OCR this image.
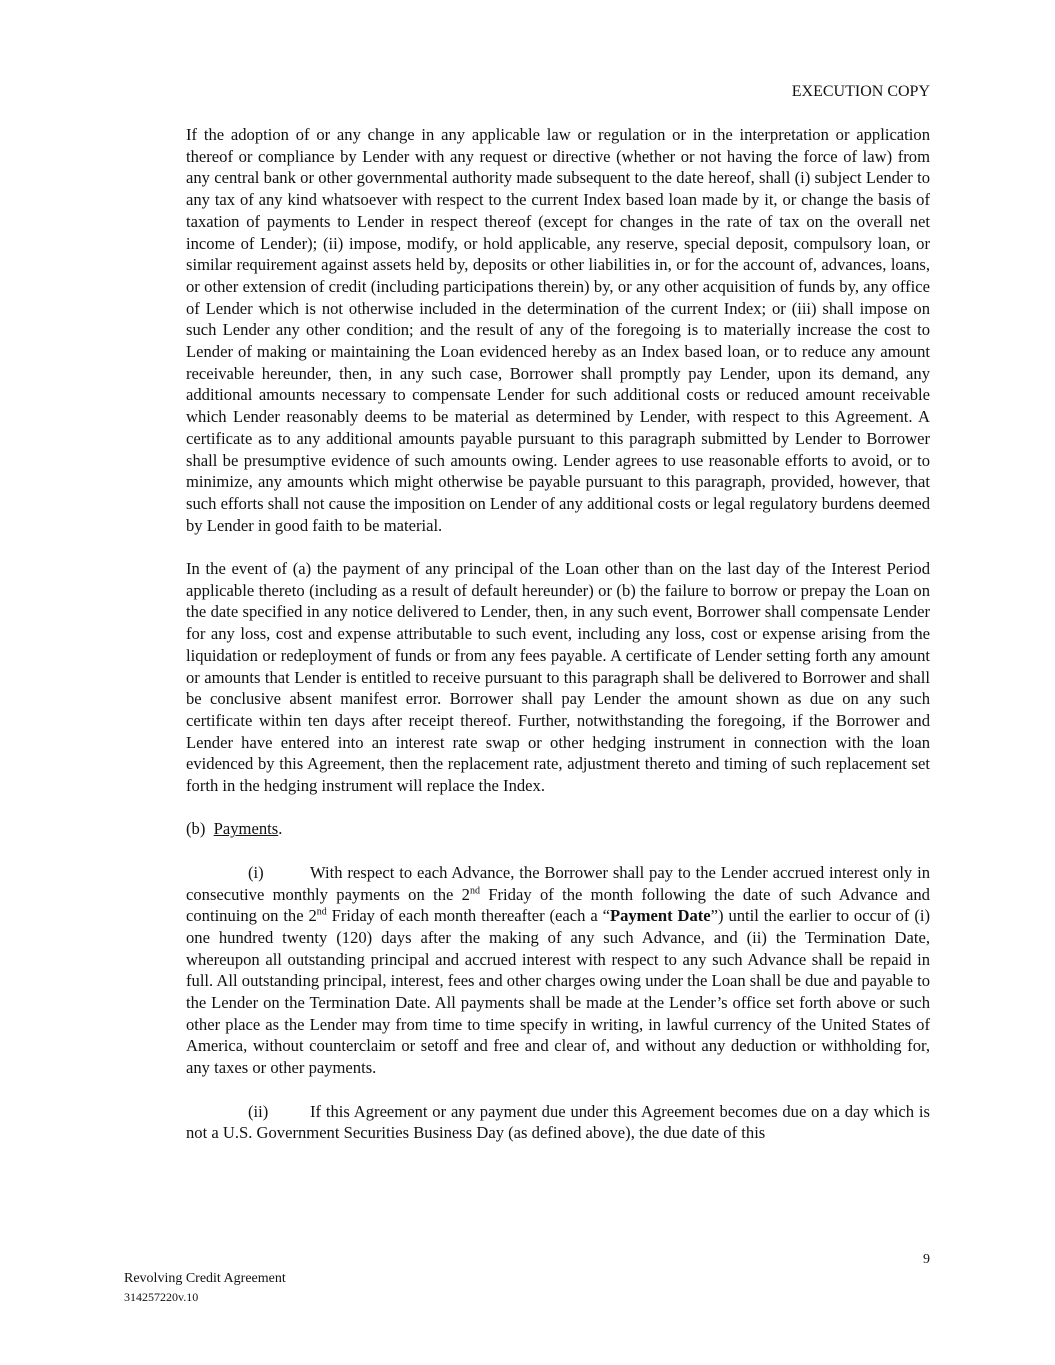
EXECUTION COPY

If the adoption of or any change in any applicable law or regulation or in the interpretation or application thereof or compliance by Lender with any request or directive (whether or not having the force of law) from any central bank or other governmental authority made subsequent to the date hereof, shall (i) subject Lender to any tax of any kind whatsoever with respect to the current Index based loan made by it, or change the basis of taxation of payments to Lender in respect thereof (except for changes in the rate of tax on the overall net income of Lender); (ii) impose, modify, or hold applicable, any reserve, special deposit, compulsory loan, or similar requirement against assets held by, deposits or other liabilities in, or for the account of, advances, loans, or other extension of credit (including participations therein) by, or any other acquisition of funds by, any office of Lender which is not otherwise included in the determination of the current Index; or (iii) shall impose on such Lender any other condition; and the result of any of the foregoing is to materially increase the cost to Lender of making or maintaining the Loan evidenced hereby as an Index based loan, or to reduce any amount receivable hereunder, then, in any such case, Borrower shall promptly pay Lender, upon its demand, any additional amounts necessary to compensate Lender for such additional costs or reduced amount receivable which Lender reasonably deems to be material as determined by Lender, with respect to this Agreement. A certificate as to any additional amounts payable pursuant to this paragraph submitted by Lender to Borrower shall be presumptive evidence of such amounts owing. Lender agrees to use reasonable efforts to avoid, or to minimize, any amounts which might otherwise be payable pursuant to this paragraph, provided, however, that such efforts shall not cause the imposition on Lender of any additional costs or legal regulatory burdens deemed by Lender in good faith to be material.

In the event of (a) the payment of any principal of the Loan other than on the last day of the Interest Period applicable thereto (including as a result of default hereunder) or (b) the failure to borrow or prepay the Loan on the date specified in any notice delivered to Lender, then, in any such event, Borrower shall compensate Lender for any loss, cost and expense attributable to such event, including any loss, cost or expense arising from the liquidation or redeployment of funds or from any fees payable. A certificate of Lender setting forth any amount or amounts that Lender is entitled to receive pursuant to this paragraph shall be delivered to Borrower and shall be conclusive absent manifest error. Borrower shall pay Lender the amount shown as due on any such certificate within ten days after receipt thereof. Further, notwithstanding the foregoing, if the Borrower and Lender have entered into an interest rate swap or other hedging instrument in connection with the loan evidenced by this Agreement, then the replacement rate, adjustment thereto and timing of such replacement set forth in the hedging instrument will replace the Index.

(b) Payments.

(i)	With respect to each Advance, the Borrower shall pay to the Lender accrued interest only in consecutive monthly payments on the 2nd Friday of the month following the date of such Advance and continuing on the 2nd Friday of each month thereafter (each a “Payment Date”) until the earlier to occur of (i) one hundred twenty (120) days after the making of any such Advance, and (ii) the Termination Date, whereupon all outstanding principal and accrued interest with respect to any such Advance shall be repaid in full. All outstanding principal, interest, fees and other charges owing under the Loan shall be due and payable to the Lender on the Termination Date. All payments shall be made at the Lender’s office set forth above or such other place as the Lender may from time to time specify in writing, in lawful currency of the United States of America, without counterclaim or setoff and free and clear of, and without any deduction or withholding for, any taxes or other payments.

(ii)	If this Agreement or any payment due under this Agreement becomes due on a day which is not a U.S. Government Securities Business Day (as defined above), the due date of this

9
Revolving Credit Agreement
314257220v.10
